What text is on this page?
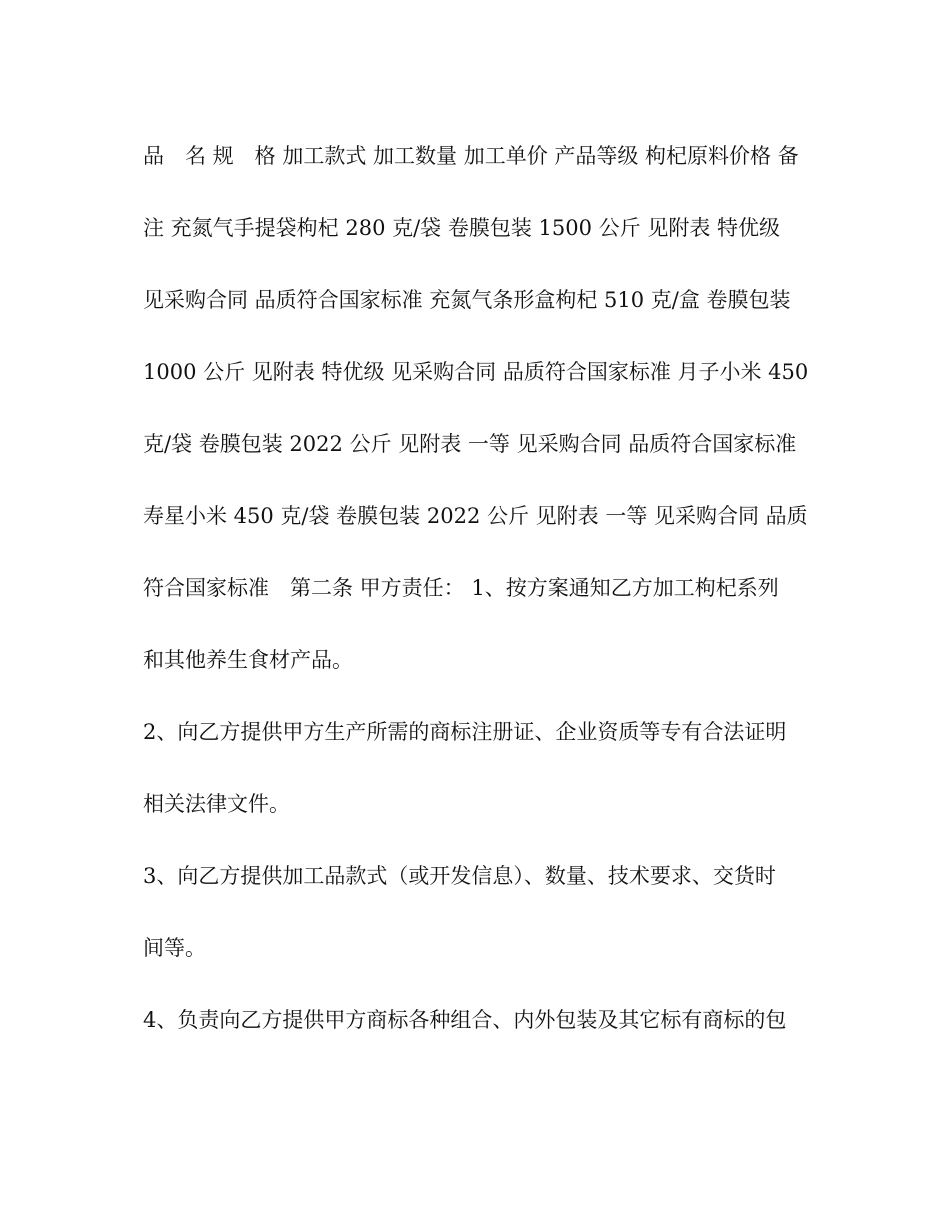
品　名 规　格 加工款式 加工数量 加工单价 产品等级 枸杞原料价格 备
注 充氮气手提袋枸杞 280 克/袋 卷膜包装 1500 公斤 见附表 特优级
见采购合同 品质符合国家标准 充氮气条形盒枸杞 510 克/盒 卷膜包装
1000 公斤 见附表 特优级 见采购合同 品质符合国家标准 月子小米 450
克/袋 卷膜包装 2022 公斤 见附表 一等 见采购合同 品质符合国家标准
寿星小米 450 克/袋 卷膜包装 2022 公斤 见附表 一等 见采购合同 品质
符合国家标准　第二条 甲方责任： 1、按方案通知乙方加工枸杞系列
和其他养生食材产品。
2、向乙方提供甲方生产所需的商标注册证、企业资质等专有合法证明
相关法律文件。
3、向乙方提供加工品款式（或开发信息）、数量、技术要求、交货时
间等。
4、负责向乙方提供甲方商标各种组合、内外包装及其它标有商标的包
